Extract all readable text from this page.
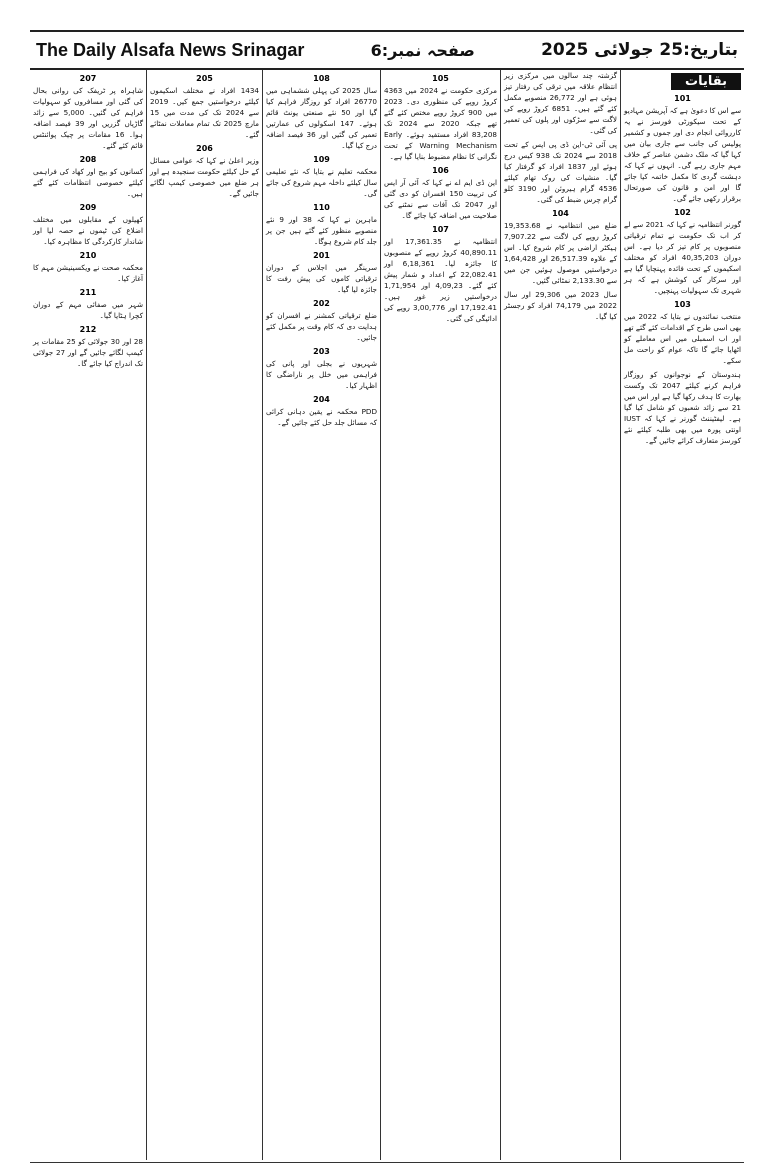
The Daily Alsafa News Srinagar	صفحہ نمبر:6	بتاریخ:25 جولائی 2025
بقایات
101

سے اس کا دعویٰ ہے کہ آپریشن مہادیو کے تحت سیکورٹی فورسز نے یہ کارروائی انجام دی اور جموں و کشمیر پولیس کی جانب سے جاری بیان میں کہا گیا کہ ملک دشمن عناصر کے خلاف مہم جاری رہے گی۔ انہوں نے کہا کہ دہشت گردی کا مکمل خاتمہ کیا جائے گا اور امن و قانون کی صورتحال برقرار رکھی جائے گی۔

102

گورنر انتظامیہ نے کہا کہ 2021 سے لے کر اب تک حکومت نے تمام ترقیاتی منصوبوں پر کام تیز کر دیا ہے۔ اس دوران 40,35,203 افراد کو مختلف اسکیموں کے تحت فائدہ پہنچایا گیا ہے اور سرکار کی کوشش ہے کہ ہر شہری تک سہولیات پہنچیں۔

103

منتخب نمائندوں نے بتایا کہ 2022 میں بھی اسی طرح کے اقدامات کئے گئے تھے اور اب اسمبلی میں اس معاملے کو اٹھایا جائے گا تاکہ عوام کو راحت مل سکے۔

ہندوستان کے نوجوانوں کو روزگار فراہم کرنے کیلئے 2047 تک وکست بھارت کا ہدف رکھا گیا ہے اور اس میں 21 سے زائد شعبوں کو شامل کیا گیا ہے۔ لیفٹیننٹ گورنر نے کہا کہ IUST اونتی پورہ میں بھی طلبہ کیلئے نئے کورسز متعارف کرائے جائیں گے۔

گزشتہ چند سالوں میں مرکزی زیر انتظام علاقہ میں ترقی کی رفتار تیز ہوئی ہے اور 26,772 منصوبے مکمل کئے گئے ہیں۔ 6851 کروڑ روپے کی لاگت سے سڑکوں اور پلوں کی تعمیر کی گئی۔

پی آئی ٹی-این ڈی پی ایس کے تحت 2018 سے 2024 تک 938 کیس درج ہوئے اور 1837 افراد کو گرفتار کیا گیا۔ منشیات کی روک تھام کیلئے 4536 گرام ہیروئن اور 3190 کلو گرام چرس ضبط کی گئی۔

104

ضلع میں انتظامیہ نے 19,353.68 کروڑ روپے کی لاگت سے 7,907.22 ہیکٹر اراضی پر کام شروع کیا۔ اس کے علاوہ 26,517.39 اور 1,64,428 درخواستیں موصول ہوئیں جن میں سے 2,133.30 نمٹائی گئیں۔

سال 2023 میں 29,306 اور سال 2022 میں 74,179 افراد کو رجسٹر کیا گیا۔

105

مرکزی حکومت نے 2024 میں 4363 کروڑ روپے کی منظوری دی۔ 2023 میں 900 کروڑ روپے مختص کئے گئے تھے جبکہ 2020 سے 2024 تک 83,208 افراد مستفید ہوئے۔ Early Warning Mechanism کے تحت نگرانی کا نظام مضبوط بنایا گیا ہے۔

106

این ڈی ایم اے نے کہا کہ آئی آر ایس کی تربیت 150 افسران کو دی گئی اور 2047 تک آفات سے نمٹنے کی صلاحیت میں اضافہ کیا جائے گا۔

107

انتظامیہ نے 17,361.35 اور 40,890.11 کروڑ روپے کے منصوبوں کا جائزہ لیا۔ 6,18,361 اور 22,082.41 کے اعداد و شمار پیش کئے گئے۔ 4,09,23 اور 1,71,954 درخواستیں زیر غور ہیں۔ 17,192.41 اور 3,00,776 روپے کی ادائیگی کی گئی۔

108

سال 2025 کی پہلی ششماہی میں 26770 افراد کو روزگار فراہم کیا گیا اور 50 نئے صنعتی یونٹ قائم ہوئے۔ 147 اسکولوں کی عمارتیں تعمیر کی گئیں اور 36 فیصد اضافہ درج کیا گیا۔

109

محکمہ تعلیم نے بتایا کہ نئے تعلیمی سال کیلئے داخلہ مہم شروع کی جائے گی۔

110

ماہرین نے کہا کہ 38 اور 9 نئے منصوبے منظور کئے گئے ہیں جن پر جلد کام شروع ہوگا۔

201

سرینگر میں اجلاس کے دوران ترقیاتی کاموں کی پیش رفت کا جائزہ لیا گیا۔

202

ضلع ترقیاتی کمشنر نے افسران کو ہدایت دی کہ کام وقت پر مکمل کئے جائیں۔

203

شہریوں نے بجلی اور پانی کی فراہمی میں خلل پر ناراضگی کا اظہار کیا۔

204

PDD محکمہ نے یقین دہانی کرائی کہ مسائل جلد حل کئے جائیں گے۔

205

1434 افراد نے مختلف اسکیموں کیلئے درخواستیں جمع کیں۔ 2019 سے 2024 تک کی مدت میں 15 مارچ 2025 تک تمام معاملات نمٹائے گئے۔

206

وزیر اعلیٰ نے کہا کہ عوامی مسائل کے حل کیلئے حکومت سنجیدہ ہے اور ہر ضلع میں خصوصی کیمپ لگائے جائیں گے۔

207

شاہراہ پر ٹریفک کی روانی بحال کی گئی اور مسافروں کو سہولیات فراہم کی گئیں۔ 5,000 سے زائد گاڑیاں گزریں اور 39 فیصد اضافہ ہوا۔ 16 مقامات پر چیک پوائنٹس قائم کئے گئے۔

208

کسانوں کو بیج اور کھاد کی فراہمی کیلئے خصوصی انتظامات کئے گئے ہیں۔

209

کھیلوں کے مقابلوں میں مختلف اضلاع کی ٹیموں نے حصہ لیا اور شاندار کارکردگی کا مظاہرہ کیا۔

210

محکمہ صحت نے ویکسینیشن مہم کا آغاز کیا۔

211

شہر میں صفائی مہم کے دوران کچرا ہٹایا گیا۔

212

28 اور 30 جولائی کو 25 مقامات پر کیمپ لگائے جائیں گے اور 27 جولائی تک اندراج کیا جائے گا۔
